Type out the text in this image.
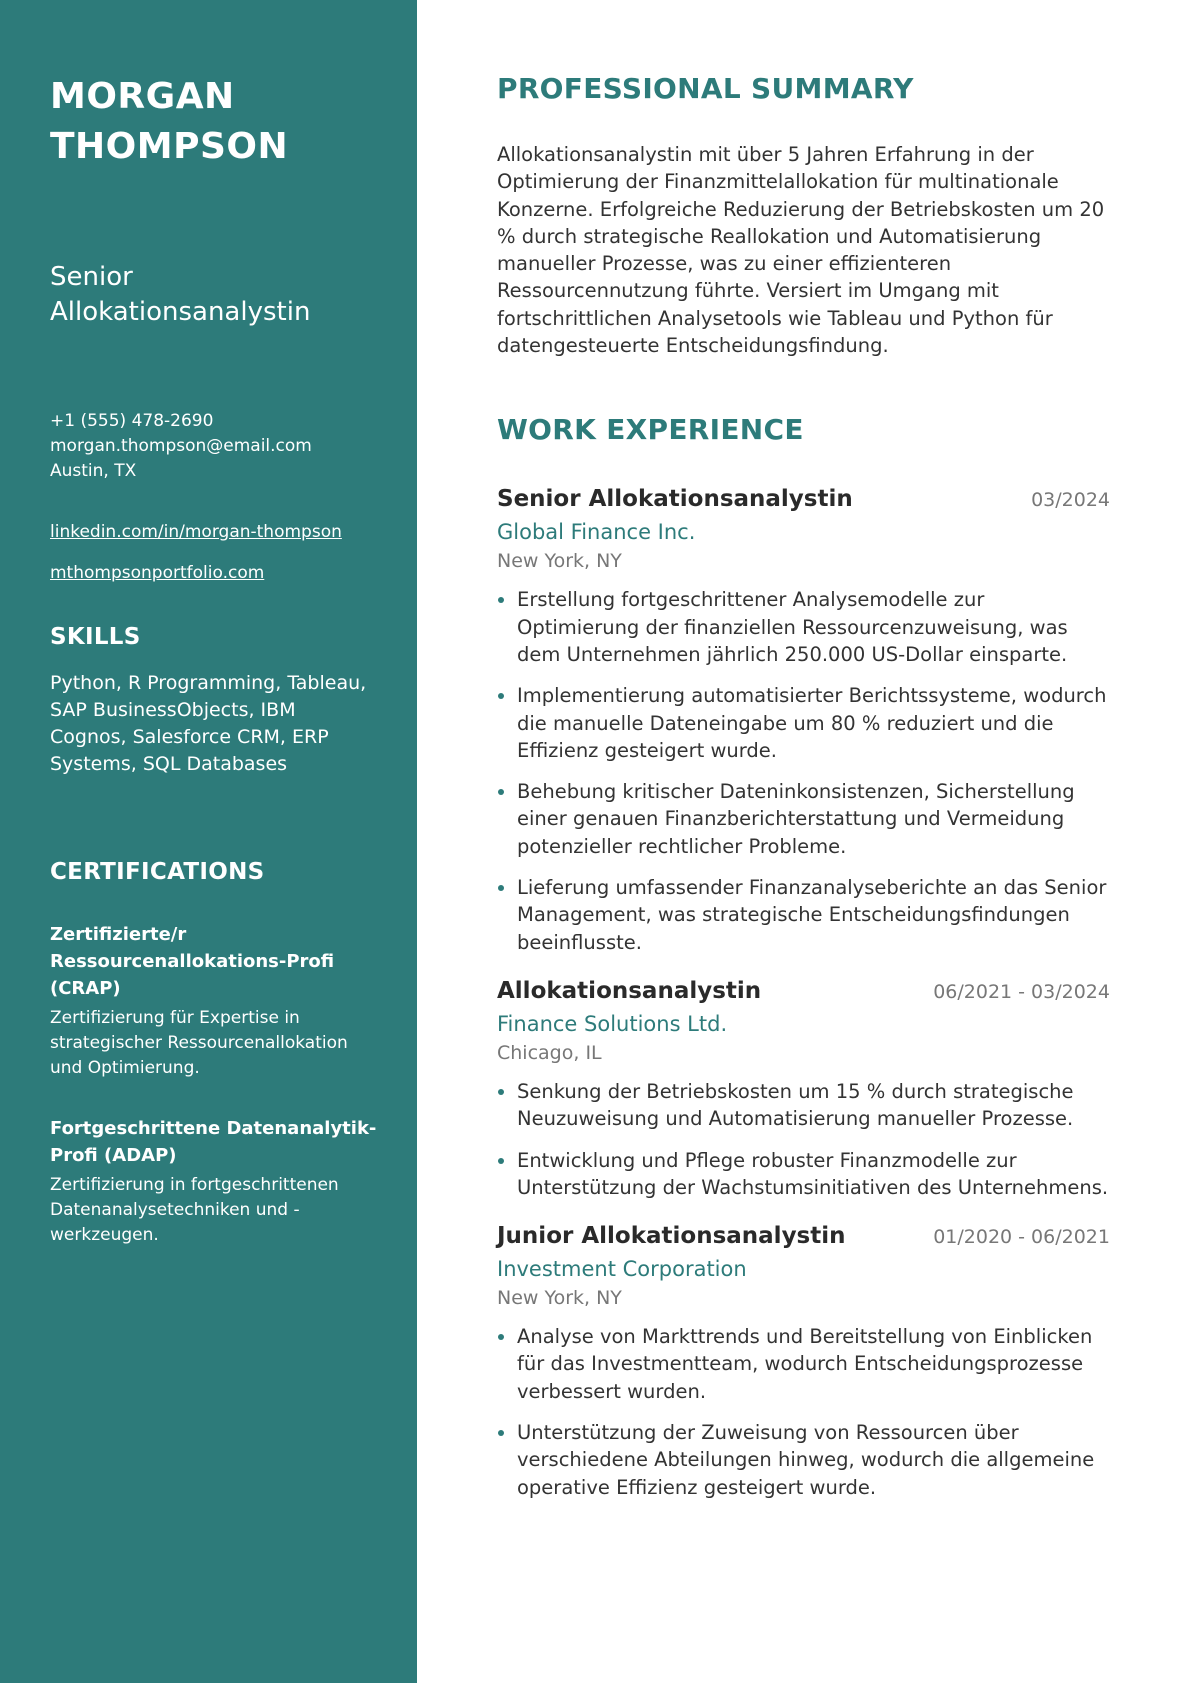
MORGAN
THOMPSON
Senior
Allokationsanalystin
+1 (555) 478-2690
morgan.thompson@email.com
Austin, TX
linkedin.com/in/morgan-thompson
mthompsonportfolio.com
SKILLS
Python, R Programming, Tableau, SAP BusinessObjects, IBM Cognos, Salesforce CRM, ERP Systems, SQL Databases
CERTIFICATIONS
Zertifizierte/r Ressourcenallokations-Profi (CRAP)
Zertifizierung für Expertise in strategischer Ressourcenallokation und Optimierung.
Fortgeschrittene Datenanalytik-Profi (ADAP)
Zertifizierung in fortgeschrittenen Datenanalysetechniken und -werkzeugen.
PROFESSIONAL SUMMARY

Allokationsanalystin mit über 5 Jahren Erfahrung in der Optimierung der Finanzmittelallokation für multinationale Konzerne. Erfolgreiche Reduzierung der Betriebskosten um 20 % durch strategische Reallokation und Automatisierung manueller Prozesse, was zu einer effizienteren Ressourcennutzung führte. Versiert im Umgang mit fortschrittlichen Analysetools wie Tableau und Python für datengesteuerte Entscheidungsfindung.

WORK EXPERIENCE
Senior Allokationsanalystin	03/2024
Global Finance Inc.
New York, NY
Erstellung fortgeschrittener Analysemodelle zur Optimierung der finanziellen Ressourcenzuweisung, was dem Unternehmen jährlich 250.000 US-Dollar einsparte.
Implementierung automatisierter Berichtssysteme, wodurch die manuelle Dateneingabe um 80 % reduziert und die Effizienz gesteigert wurde.
Behebung kritischer Dateninkonsistenzen, Sicherstellung einer genauen Finanzberichterstattung und Vermeidung potenzieller rechtlicher Probleme.
Lieferung umfassender Finanzanalyseberichte an das Senior Management, was strategische Entscheidungsfindungen beeinflusste.
Allokationsanalystin	06/2021 - 03/2024
Finance Solutions Ltd.
Chicago, IL
Senkung der Betriebskosten um 15 % durch strategische Neuzuweisung und Automatisierung manueller Prozesse.
Entwicklung und Pflege robuster Finanzmodelle zur Unterstützung der Wachstumsinitiativen des Unternehmens.
Junior Allokationsanalystin	01/2020 - 06/2021
Investment Corporation
New York, NY
Analyse von Markttrends und Bereitstellung von Einblicken für das Investmentteam, wodurch Entscheidungsprozesse verbessert wurden.
Unterstützung der Zuweisung von Ressourcen über verschiedene Abteilungen hinweg, wodurch die allgemeine operative Effizienz gesteigert wurde.
